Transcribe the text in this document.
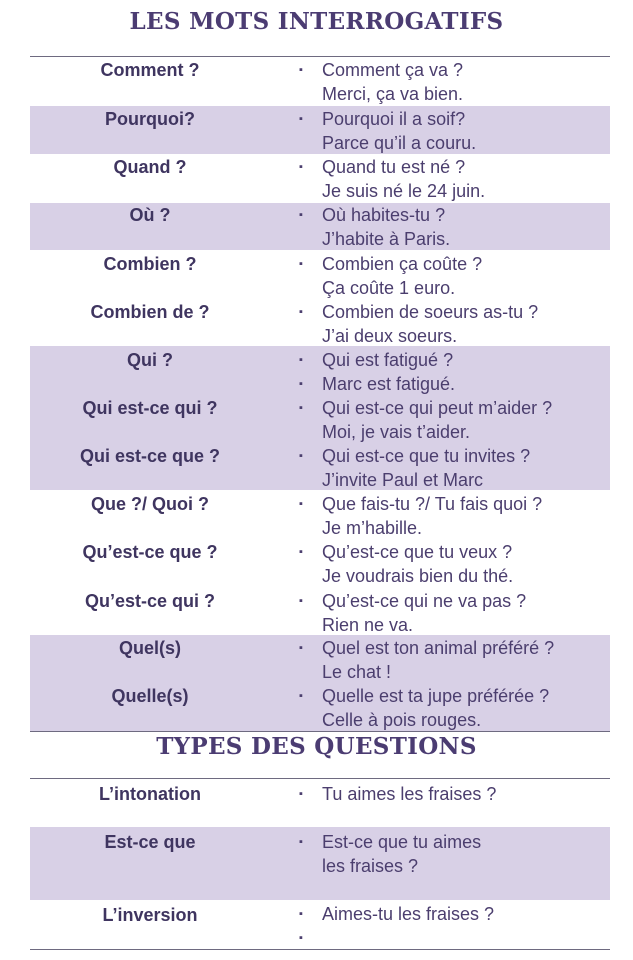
LES MOTS INTERROGATIFS
TYPES DES QUESTIONS
Comment ?
Pourquoi?
Quand ?
Où ?
Combien ?
Combien de ?
Qui ?
Qui est-ce qui ?
Qui est-ce que ?
Que ?/ Quoi ?
Qu’est-ce que ?
Qu’est-ce qui ?
Quel(s)
Quelle(s)
▪
▪
▪
▪
▪
▪
▪
▪
▪
▪
▪
▪
▪
▪
▪
Comment ça va ?
Merci, ça va bien.
Pourquoi il a soif?
Parce qu’il a couru.
Quand tu est né ?
Je suis né le 24 juin.
Où habites-tu ?
J’habite à Paris.
Combien ça coûte ?
Ça coûte 1 euro.
Combien de soeurs as-tu ?
J’ai deux soeurs.
Qui est fatigué ?
Marc est fatigué.
Qui est-ce qui peut m’aider ?
Moi, je vais t’aider.
Qui est-ce que tu invites ?
J’invite Paul et Marc
Que fais-tu ?/ Tu fais quoi ?
Je m’habille.
Qu’est-ce que tu veux ?
Je voudrais bien du thé.
Qu’est-ce qui ne va pas ?
Rien ne va.
Quel est ton animal préféré ?
Le chat !
Quelle est ta jupe préférée ?
Celle à pois rouges.
L’intonation
Est-ce que
L’inversion
▪
▪
▪
▪
Tu aimes les fraises ?
Est-ce que tu aimes
les fraises ?
Aimes-tu les fraises ?
